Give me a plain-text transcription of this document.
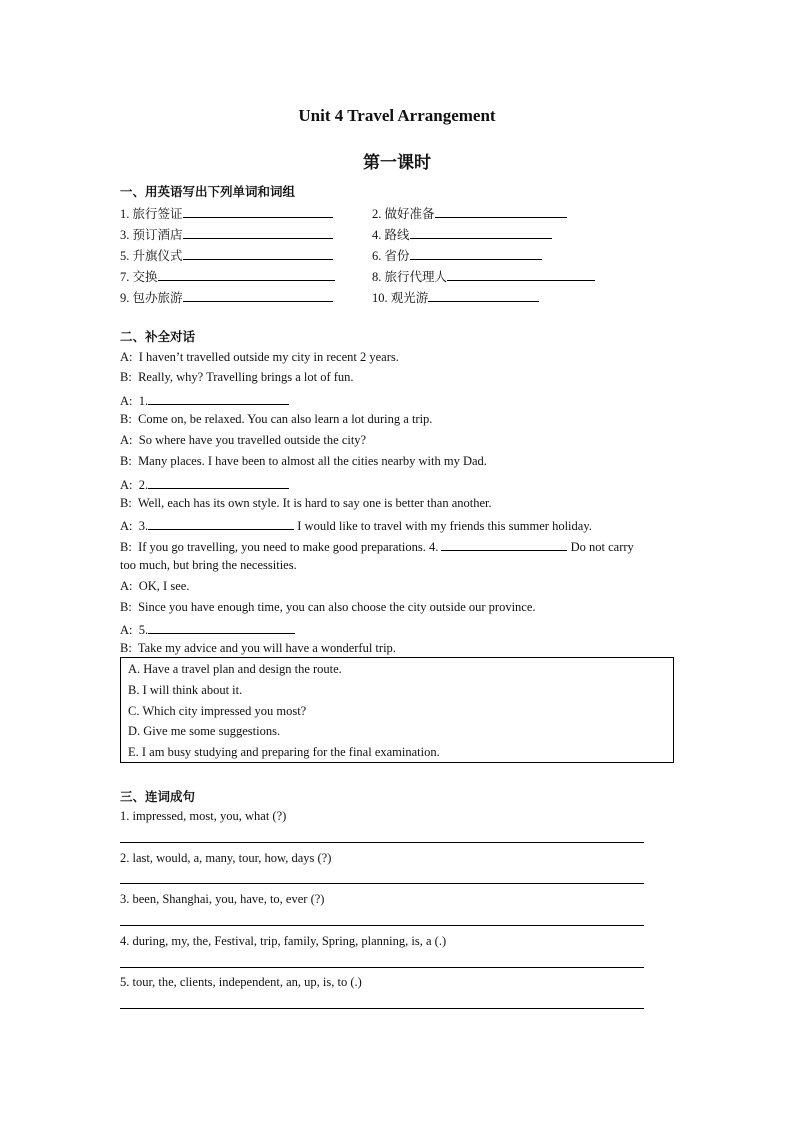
Unit 4 Travel Arrangement
第一课时
一、用英语写出下列单词和词组
1. 旅行签证	2. 做好准备
3. 预订酒店	4. 路线
5. 升旗仪式	6. 省份
7. 交换	8. 旅行代理人
9. 包办旅游	10. 观光游
二、补全对话
A: I haven’t travelled outside my city in recent 2 years.
B: Really, why? Travelling brings a lot of fun.
A: 1.
B: Come on, be relaxed. You can also learn a lot during a trip.
A: So where have you travelled outside the city?
B: Many places. I have been to almost all the cities nearby with my Dad.
A: 2.
B: Well, each has its own style. It is hard to say one is better than another.
A: 3.	I would like to travel with my friends this summer holiday.
B: If you go travelling, you need to make good preparations. 4.	Do not carry
too much, but bring the necessities.
A: OK, I see.
B: Since you have enough time, you can also choose the city outside our province.
A: 5.
B: Take my advice and you will have a wonderful trip.
A. Have a travel plan and design the route.
B. I will think about it.
C. Which city impressed you most?
D. Give me some suggestions.
E. I am busy studying and preparing for the final examination.
三、连词成句
1. impressed, most, you, what (?)
2. last, would, a, many, tour, how, days (?)
3. been, Shanghai, you, have, to, ever (?)
4. during, my, the, Festival, trip, family, Spring, planning, is, a (.)
5. tour, the, clients, independent, an, up, is, to (.)
